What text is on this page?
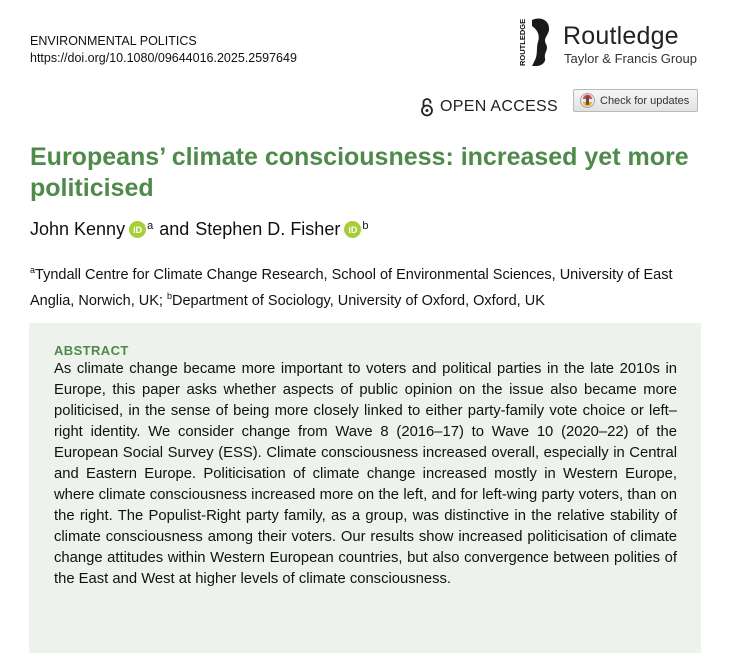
ENVIRONMENTAL POLITICS
https://doi.org/10.1080/09644016.2025.2597649	ROUTLEDGE Routledge
Taylor & Francis Group
OPEN ACCESS	Check for updates
Europeans’ climate consciousness: increased yet more politicised
John Kenny iD $^a$ and Stephen D. Fisher iD $^b$

$^a$Tyndall Centre for Climate Change Research, School of Environmental Sciences, University of East Anglia, Norwich, UK; $^b$Department of Sociology, University of Oxford, Oxford, UK

ABSTRACT

As climate change became more important to voters and political parties in the late 2010s in Europe, this paper asks whether aspects of public opinion on the issue also became more politicised, in the sense of being more closely linked to either party-family vote choice or left–right identity. We consider change from Wave 8 (2016–17) to Wave 10 (2020–22) of the European Social Survey (ESS). Climate consciousness increased overall, especially in Central and Eastern Europe. Politicisation of climate change increased mostly in Western Europe, where climate consciousness increased more on the left, and for left-wing party voters, than on the right. The Populist-Right party family, as a group, was distinctive in the relative stability of climate consciousness among their voters. Our results show increased politicisation of climate change attitudes within Western European countries, but also convergence between polities of the East and West at higher levels of climate consciousness.
